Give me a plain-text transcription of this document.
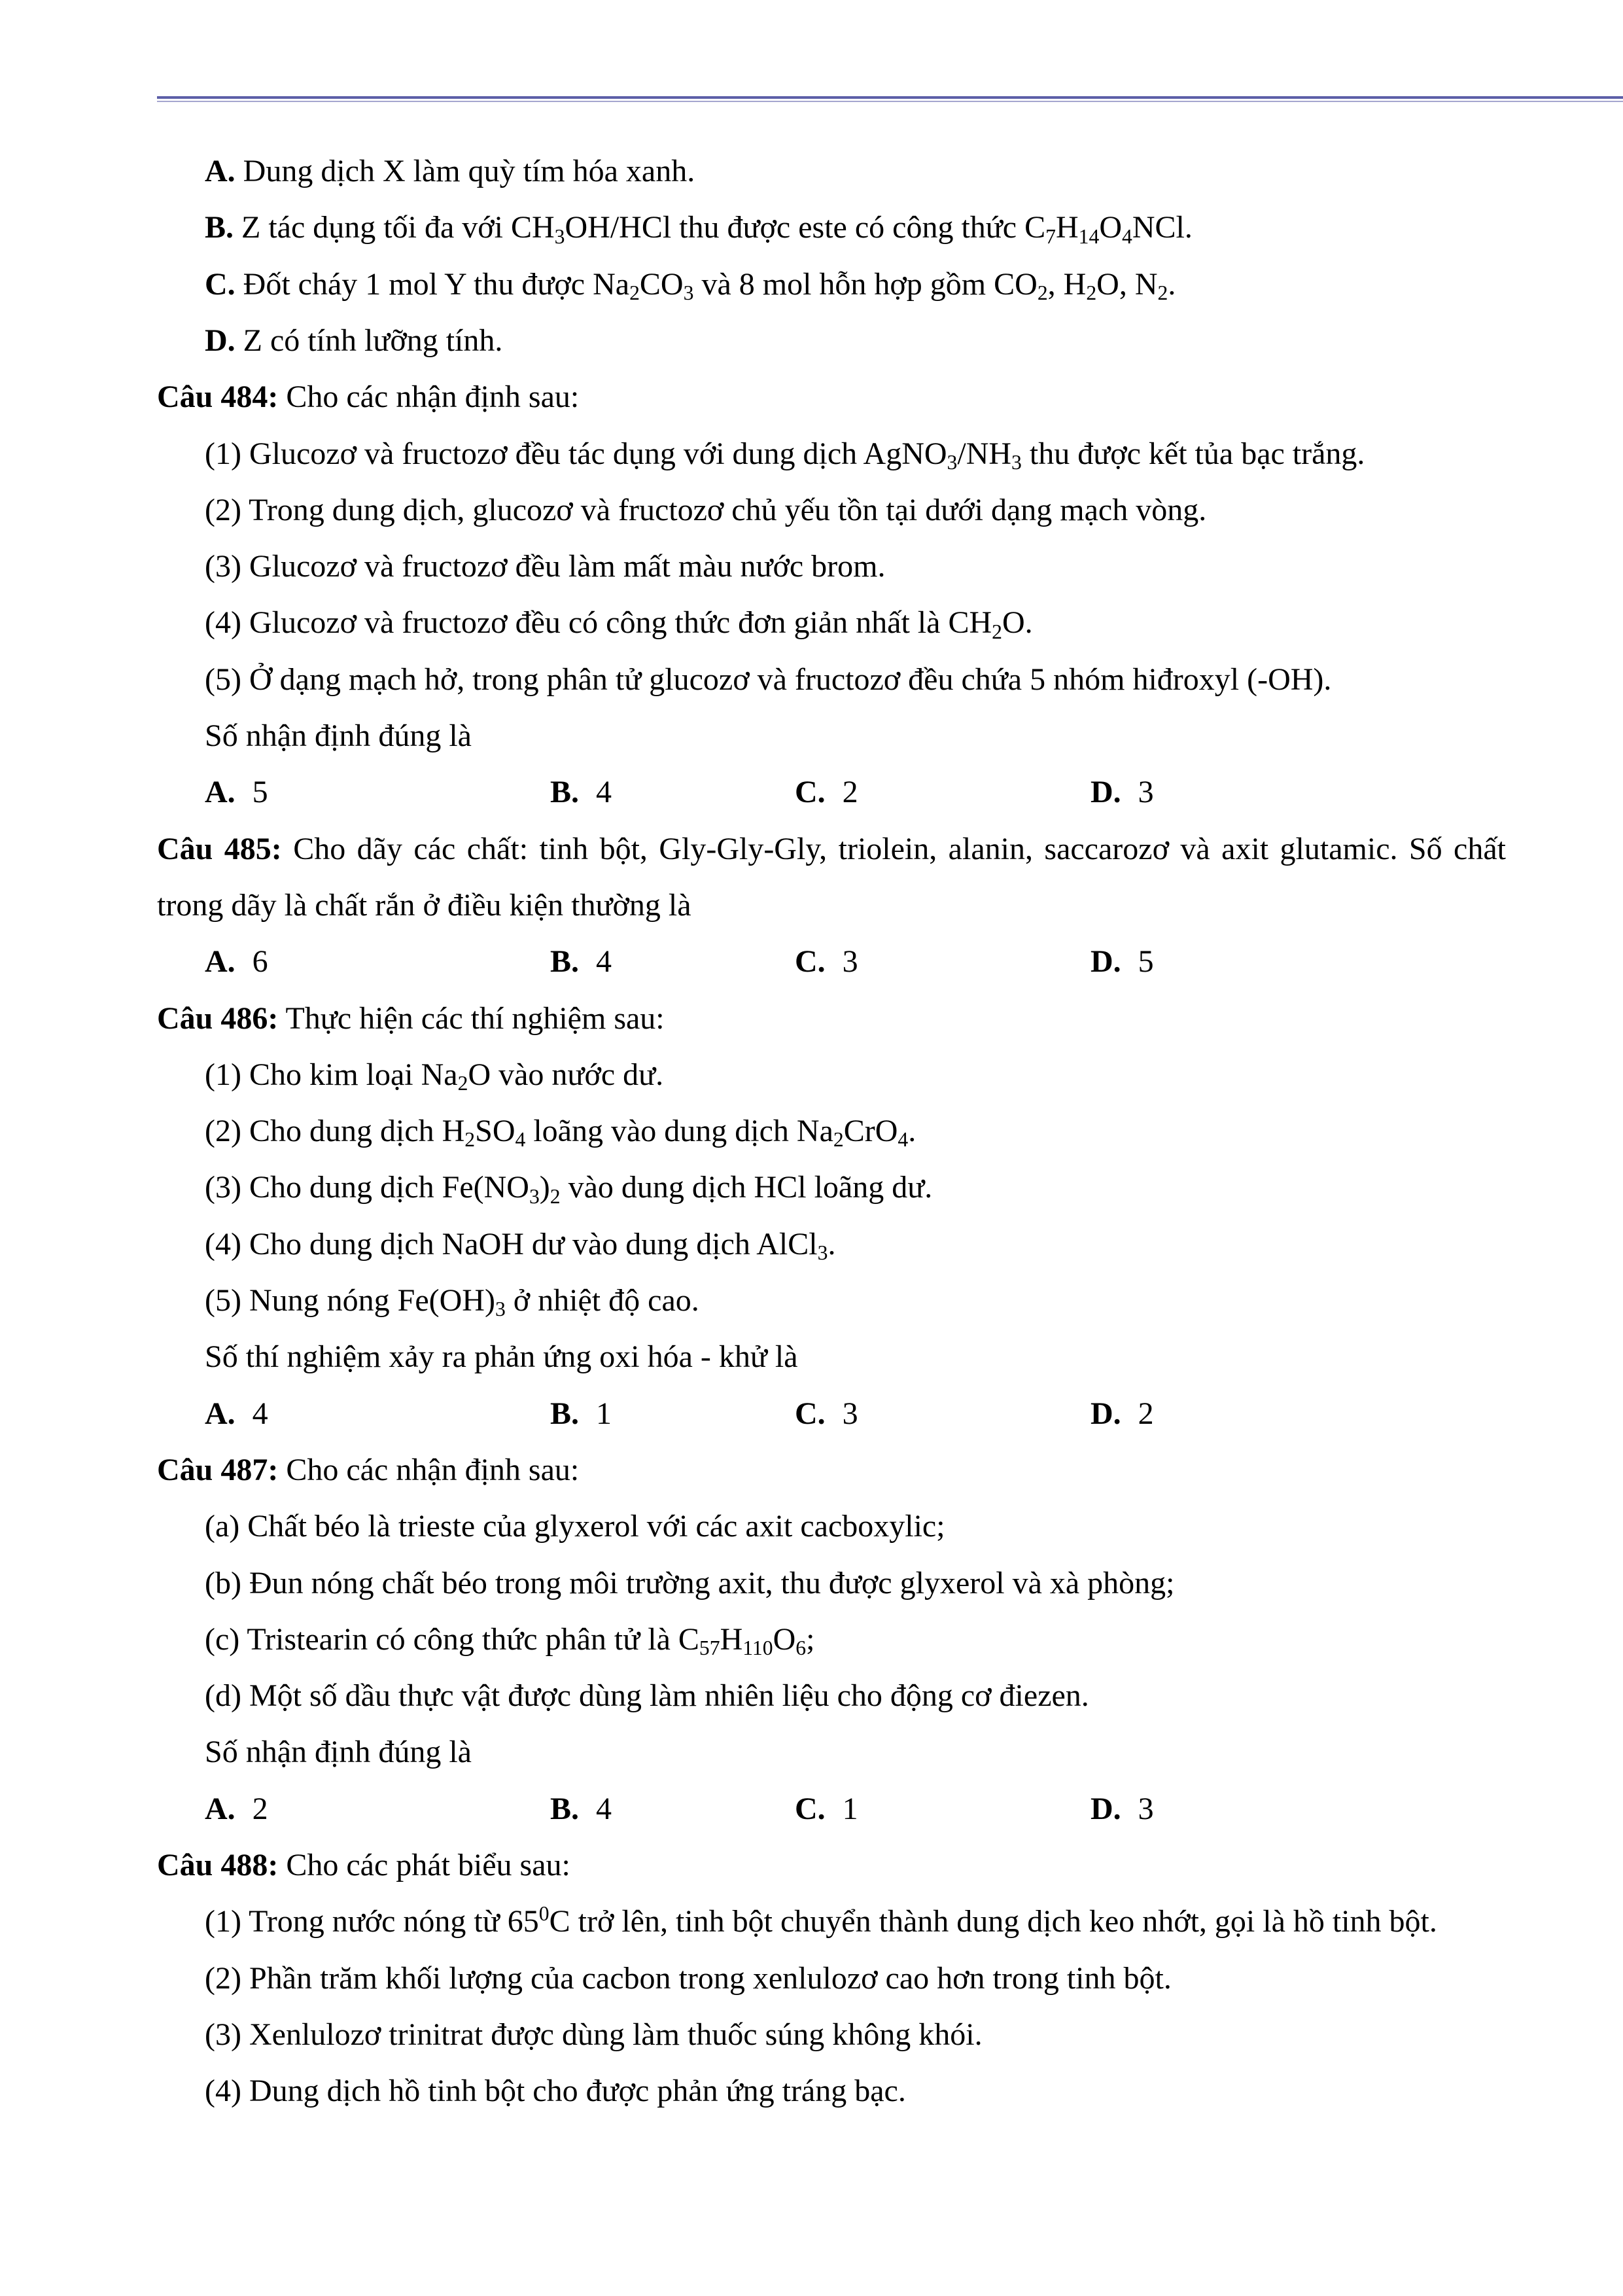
A. Dung dịch X làm quỳ tím hóa xanh.
B. Z tác dụng tối đa với CH3OH/HCl thu được este có công thức C7H14O4NCl.
C. Đốt cháy 1 mol Y thu được Na2CO3 và 8 mol hỗn hợp gồm CO2, H2O, N2.
D. Z có tính lưỡng tính.
Câu 484: Cho các nhận định sau:
(1) Glucozơ và fructozơ đều tác dụng với dung dịch AgNO3/NH3 thu được kết tủa bạc trắng.
(2) Trong dung dịch, glucozơ và fructozơ chủ yếu tồn tại dưới dạng mạch vòng.
(3) Glucozơ và fructozơ đều làm mất màu nước brom.
(4) Glucozơ và fructozơ đều có công thức đơn giản nhất là CH2O.
(5) Ở dạng mạch hở, trong phân tử glucozơ và fructozơ đều chứa 5 nhóm hiđroxyl (-OH).
Số nhận định đúng là
A. 5	B. 4	C. 2	D. 3
Câu 485: Cho dãy các chất: tinh bột, Gly-Gly-Gly, triolein, alanin, saccarozơ và axit glutamic. Số chất
trong dãy là chất rắn ở điều kiện thường là
A. 6	B. 4	C. 3	D. 5
Câu 486: Thực hiện các thí nghiệm sau:
(1) Cho kim loại Na2O vào nước dư.
(2) Cho dung dịch H2SO4 loãng vào dung dịch Na2CrO4.
(3) Cho dung dịch Fe(NO3)2 vào dung dịch HCl loãng dư.
(4) Cho dung dịch NaOH dư vào dung dịch AlCl3.
(5) Nung nóng Fe(OH)3 ở nhiệt độ cao.
Số thí nghiệm xảy ra phản ứng oxi hóa - khử là
A. 4	B. 1	C. 3	D. 2
Câu 487: Cho các nhận định sau:
(a) Chất béo là trieste của glyxerol với các axit cacboxylic;
(b) Đun nóng chất béo trong môi trường axit, thu được glyxerol và xà phòng;
(c) Tristearin có công thức phân tử là C57H110O6;
(d) Một số dầu thực vật được dùng làm nhiên liệu cho động cơ điezen.
Số nhận định đúng là
A. 2	B. 4	C. 1	D. 3
Câu 488: Cho các phát biểu sau:
(1) Trong nước nóng từ $65^0C$ trở lên, tinh bột chuyển thành dung dịch keo nhớt, gọi là hồ tinh bột.
(2) Phần trăm khối lượng của cacbon trong xenlulozơ cao hơn trong tinh bột.
(3) Xenlulozơ trinitrat được dùng làm thuốc súng không khói.
(4) Dung dịch hồ tinh bột cho được phản ứng tráng bạc.
